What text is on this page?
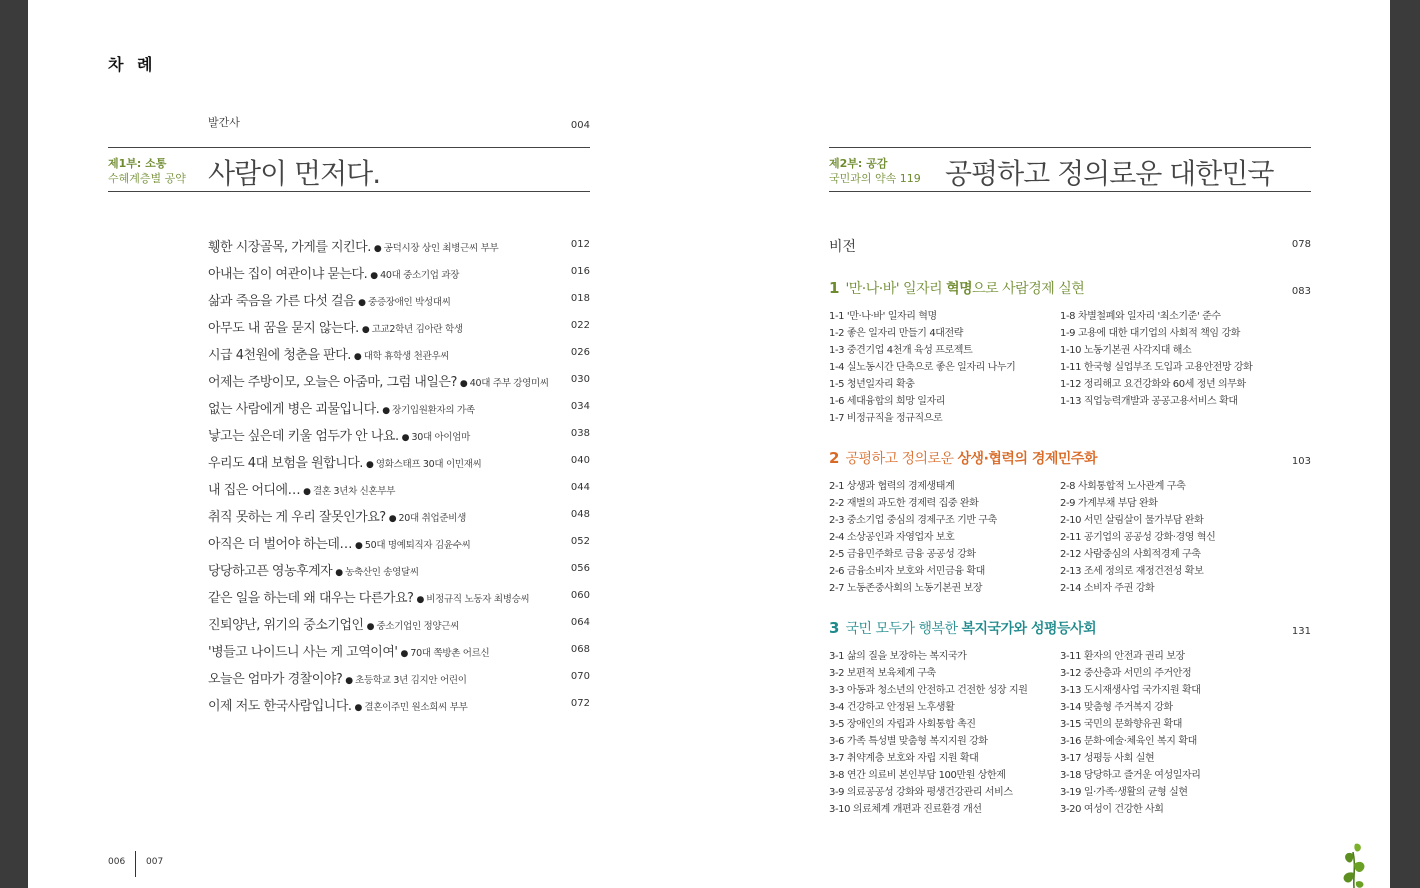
차 례
발간사	004
제1부: 소통
수혜계층별 공약 사람이 먼저다.
휑한 시장골목, 가게를 지킨다. ● 공덕시장 상인 최병근씨 부부	012
아내는 집이 여관이냐 묻는다. ● 40대 중소기업 과장	016
삶과 죽음을 가른 다섯 걸음 ● 중증장애인 박성대씨	018
아무도 내 꿈을 묻지 않는다. ● 고교2학년 김아란 학생	022
시급 4천원에 청춘을 판다. ● 대학 휴학생 천관우씨	026
어제는 주방이모, 오늘은 아줌마, 그럼 내일은? ● 40대 주부 강영미씨 030
없는 사람에게 병은 괴물입니다. ● 장기입원환자의 가족	034
낳고는 싶은데 키울 엄두가 안 나요. ● 30대 아이엄마	038
우리도 4대 보험을 원합니다. ● 영화스태프 30대 이민재씨	040
내 집은 어디에… ● 결혼 3년차 신혼부부	044
취직 못하는 게 우리 잘못인가요? ● 20대 취업준비생	048
아직은 더 벌어야 하는데… ● 50대 명예퇴직자 김윤수씨	052
당당하고픈 영농후계자 ● 농축산인 송영달씨	056
같은 일을 하는데 왜 대우는 다른가요? ● 비정규직 노동자 최병승씨	060
진퇴양난, 위기의 중소기업인 ● 중소기업인 정양근씨	064
'병들고 나이드니 사는 게 고역이여' ● 70대 쪽방촌 어르신	068
오늘은 엄마가 경찰이야? ● 초등학교 3년 김지안 어린이	070
이제 저도 한국사람입니다. ● 결혼이주민 원소희씨 부부	072
제2부: 공감
국민과의 약속 119 공평하고 정의로운 대한민국
비전	078
1 '만·나·바' 일자리 혁명으로 사람경제 실현	083
1-1 '만·나·바' 일자리 혁명
1-2 좋은 일자리 만들기 4대전략
1-3 중견기업 4천개 육성 프로젝트
1-4 실노동시간 단축으로 좋은 일자리 나누기
1-5 청년일자리 확충
1-6 세대융합의 희망 일자리
1-7 비정규직을 정규직으로
1-8 차별철폐와 일자리 '최소기준' 준수
1-9 고용에 대한 대기업의 사회적 책임 강화
1-10 노동기본권 사각지대 해소
1-11 한국형 실업부조 도입과 고용안전망 강화
1-12 정리해고 요건강화와 60세 정년 의무화
1-13 직업능력개발과 공공고용서비스 확대
2 공평하고 정의로운 상생·협력의 경제민주화	103
2-1 상생과 협력의 경제생태계
2-2 재벌의 과도한 경제력 집중 완화
2-3 중소기업 중심의 경제구조 기반 구축
2-4 소상공인과 자영업자 보호
2-5 금융민주화로 금융 공공성 강화
2-6 금융소비자 보호와 서민금융 확대
2-7 노동존중사회의 노동기본권 보장
2-8 사회통합적 노사관계 구축
2-9 가계부채 부담 완화
2-10 서민 살림살이 물가부담 완화
2-11 공기업의 공공성 강화·경영 혁신
2-12 사람중심의 사회적경제 구축
2-13 조세 정의로 재정건전성 확보
2-14 소비자 주권 강화
3 국민 모두가 행복한 복지국가와 성평등사회	131
3-1 삶의 질을 보장하는 복지국가
3-2 보편적 보육체계 구축
3-3 아동과 청소년의 안전하고 건전한 성장 지원
3-4 건강하고 안정된 노후생활
3-5 장애인의 자립과 사회통합 촉진
3-6 가족 특성별 맞춤형 복지지원 강화
3-7 취약계층 보호와 자립 지원 확대
3-8 연간 의료비 본인부담 100만원 상한제
3-9 의료공공성 강화와 평생건강관리 서비스
3-10 의료체계 개편과 진료환경 개선
3-11 환자의 안전과 권리 보장
3-12 중산층과 서민의 주거안정
3-13 도시재생사업 국가지원 확대
3-14 맞춤형 주거복지 강화
3-15 국민의 문화향유권 확대
3-16 문화·예술·체육인 복지 확대
3-17 성평등 사회 실현
3-18 당당하고 즐거운 여성일자리
3-19 일·가족·생활의 균형 실현
3-20 여성이 건강한 사회
006 007
